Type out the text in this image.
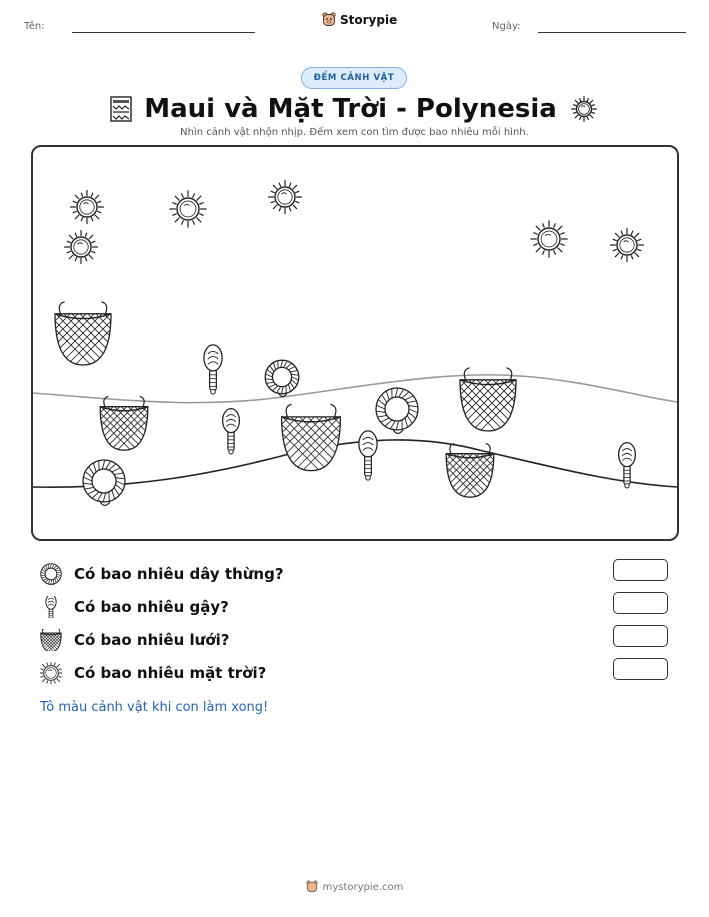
Tên:	Storypie	Ngày:
ĐẾM CẢNH VẬT
Maui và Mặt Trời - Polynesia
Nhìn cảnh vật nhộn nhịp. Đếm xem con tìm được bao nhiêu mỗi hình.
Có bao nhiêu dây thừng?
Có bao nhiêu gậy?
Có bao nhiêu lưới?
Có bao nhiêu mặt trời?
Tô màu cảnh vật khi con làm xong!
mystorypie.com
